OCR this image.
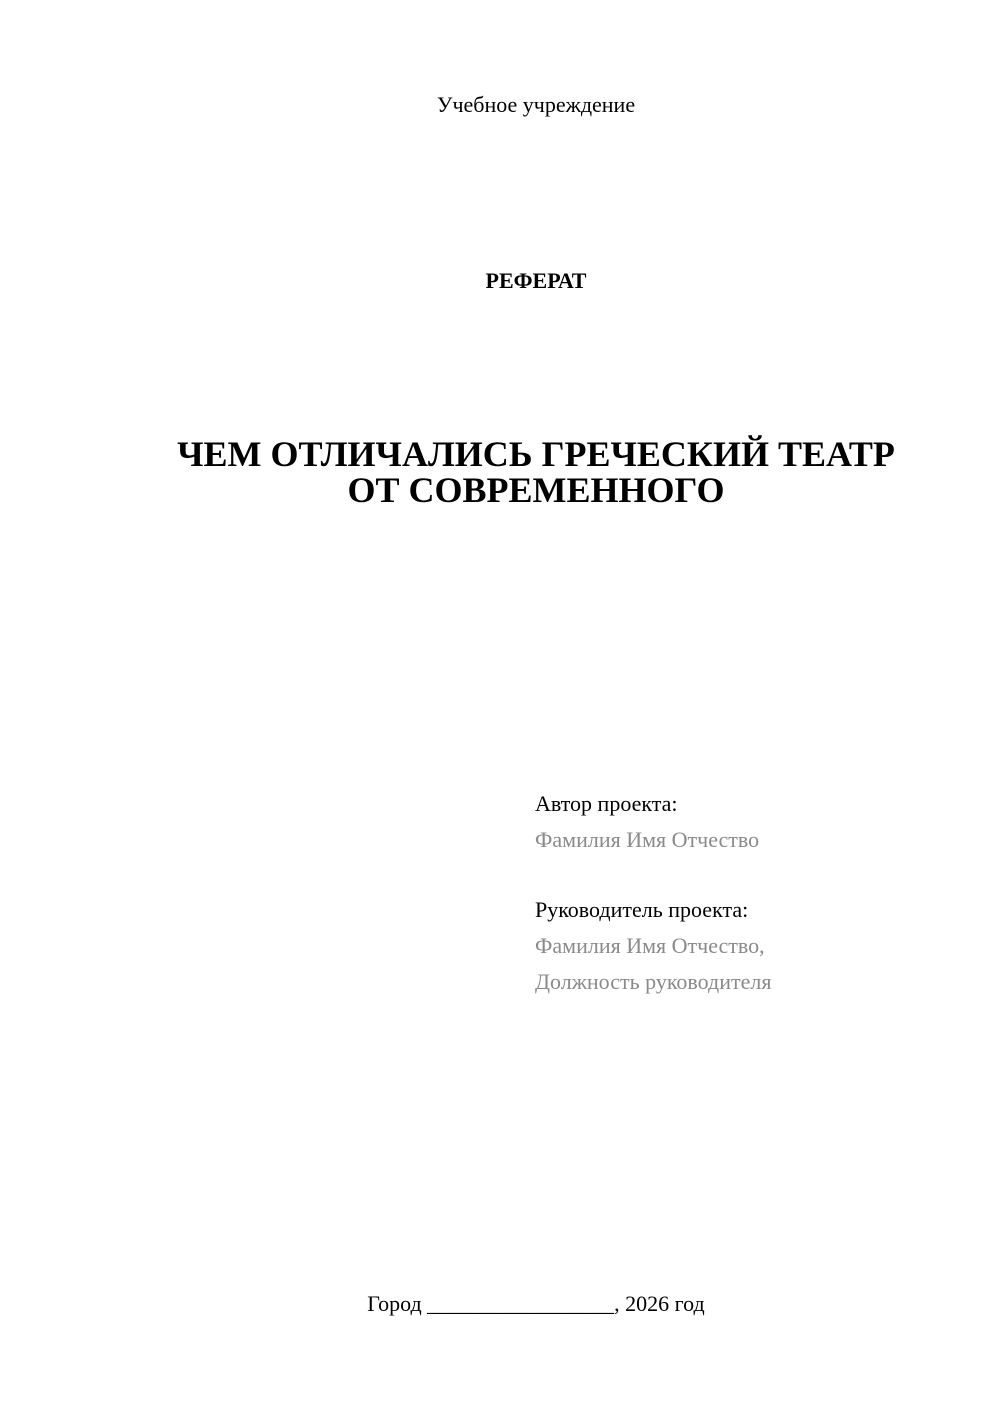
Учебное учреждение
РЕФЕРАТ
ЧЕМ ОТЛИЧАЛИСЬ ГРЕЧЕСКИЙ ТЕАТР
ОТ СОВРЕМЕННОГО
Автор проекта:
Фамилия Имя Отчество
Руководитель проекта:
Фамилия Имя Отчество,
Должность руководителя
Город _________________, 2026 год
